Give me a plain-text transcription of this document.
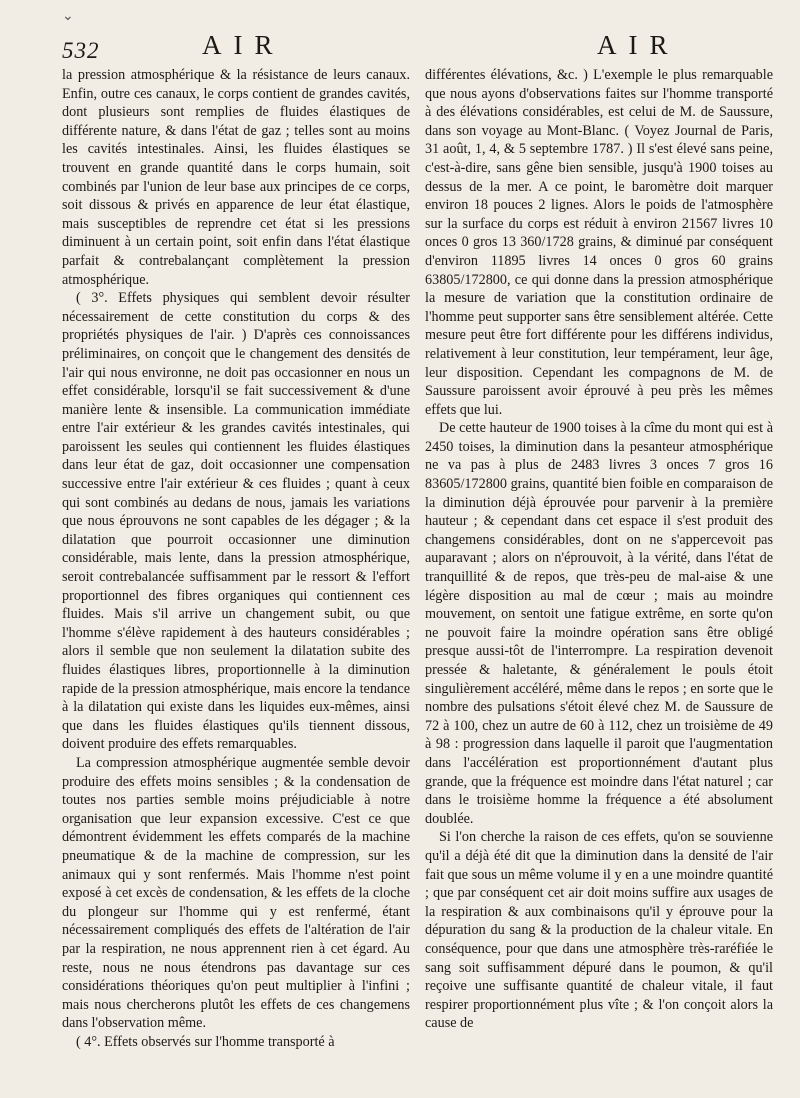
⌄
532	AIR	AIR

la pression atmosphérique & la résistance de leurs canaux. Enfin, outre ces canaux, le corps contient de grandes cavités, dont plusieurs sont remplies de fluides élastiques de différente nature, & dans l'état de gaz ; telles sont au moins les cavités intestinales. Ainsi, les fluides élastiques se trouvent en grande quantité dans le corps humain, soit combinés par l'union de leur base aux principes de ce corps, soit dissous & privés en apparence de leur état élastique, mais susceptibles de reprendre cet état si les pressions diminuent à un certain point, soit enfin dans l'état élastique parfait & contrebalançant complètement la pression atmosphérique.

( 3°. Effets physiques qui semblent devoir résulter nécessairement de cette constitution du corps & des propriétés physiques de l'air. ) D'après ces connoissances préliminaires, on conçoit que le changement des densités de l'air qui nous environne, ne doit pas occasionner en nous un effet considérable, lorsqu'il se fait successivement & d'une manière lente & insensible. La communication immédiate entre l'air extérieur & les grandes cavités intestinales, qui paroissent les seules qui contiennent les fluides élastiques dans leur état de gaz, doit occasionner une compensation successive entre l'air extérieur & ces fluides ; quant à ceux qui sont combinés au dedans de nous, jamais les variations que nous éprouvons ne sont capables de les dégager ; & la dilatation que pourroit occasionner une diminution considérable, mais lente, dans la pression atmosphérique, seroit contrebalancée suffisamment par le ressort & l'effort proportionnel des fibres organiques qui contiennent ces fluides. Mais s'il arrive un changement subit, ou que l'homme s'élève rapidement à des hauteurs considérables ; alors il semble que non seulement la dilatation subite des fluides élastiques libres, proportionnelle à la diminution rapide de la pression atmosphérique, mais encore la tendance à la dilatation qui existe dans les liquides eux-mêmes, ainsi que dans les fluides élastiques qu'ils tiennent dissous, doivent produire des effets remarquables.

La compression atmosphérique augmentée semble devoir produire des effets moins sensibles ; & la condensation de toutes nos parties semble moins préjudiciable à notre organisation que leur expansion excessive. C'est ce que démontrent évidemment les effets comparés de la machine pneumatique & de la machine de compression, sur les animaux qui y sont renfermés. Mais l'homme n'est point exposé à cet excès de condensation, & les effets de la cloche du plongeur sur l'homme qui y est renfermé, étant nécessairement compliqués des effets de l'altération de l'air par la respiration, ne nous apprennent rien à cet égard. Au reste, nous ne nous étendrons pas davantage sur ces considérations théoriques qu'on peut multiplier à l'infini ; mais nous chercherons plutôt les effets de ces changemens dans l'observation même.

( 4°. Effets observés sur l'homme transporté à

différentes élévations, &c. ) L'exemple le plus remarquable que nous ayons d'observations faites sur l'homme transporté à des élévations considérables, est celui de M. de Saussure, dans son voyage au Mont-Blanc. ( Voyez Journal de Paris, 31 août, 1, 4, & 5 septembre 1787. ) Il s'est élevé sans peine, c'est-à-dire, sans gêne bien sensible, jusqu'à 1900 toises au dessus de la mer. A ce point, le baromètre doit marquer environ 18 pouces 2 lignes. Alors le poids de l'atmosphère sur la surface du corps est réduit à environ 21567 livres 10 onces 0 gros 13 360/1728 grains, & diminué par conséquent d'environ 11895 livres 14 onces 0 gros 60 grains 63805/172800, ce qui donne dans la pression atmosphérique la mesure de variation que la constitution ordinaire de l'homme peut supporter sans être sensiblement altérée. Cette mesure peut être fort différente pour les différens individus, relativement à leur constitution, leur tempérament, leur âge, leur disposition. Cependant les compagnons de M. de Saussure paroissent avoir éprouvé à peu près les mêmes effets que lui.

De cette hauteur de 1900 toises à la cîme du mont qui est à 2450 toises, la diminution dans la pesanteur atmosphérique ne va pas à plus de 2483 livres 3 onces 7 gros 16 83605/172800 grains, quantité bien foible en comparaison de la diminution déjà éprouvée pour parvenir à la première hauteur ; & cependant dans cet espace il s'est produit des changemens considérables, dont on ne s'appercevoit pas auparavant ; alors on n'éprouvoit, à la vérité, dans l'état de tranquillité & de repos, que très-peu de mal-aise & une légère disposition au mal de cœur ; mais au moindre mouvement, on sentoit une fatigue extrême, en sorte qu'on ne pouvoit faire la moindre opération sans être obligé presque aussi-tôt de l'interrompre. La respiration devenoit pressée & haletante, & généralement le pouls étoit singulièrement accéléré, même dans le repos ; en sorte que le nombre des pulsations s'étoit élevé chez M. de Saussure de 72 à 100, chez un autre de 60 à 112, chez un troisième de 49 à 98 : progression dans laquelle il paroit que l'augmentation dans l'accélération est proportionnément d'autant plus grande, que la fréquence est moindre dans l'état naturel ; car dans le troisième homme la fréquence a été absolument doublée.

Si l'on cherche la raison de ces effets, qu'on se souvienne qu'il a déjà été dit que la diminution dans la densité de l'air fait que sous un même volume il y en a une moindre quantité ; que par conséquent cet air doit moins suffire aux usages de la respiration & aux combinaisons qu'il y éprouve pour la dépuration du sang & la production de la chaleur vitale. En conséquence, pour que dans une atmosphère très-raréfiée le sang soit suffisamment dépuré dans le poumon, & qu'il reçoive une suffisante quantité de chaleur vitale, il faut respirer proportionnément plus vîte ; & l'on conçoit alors la cause de
